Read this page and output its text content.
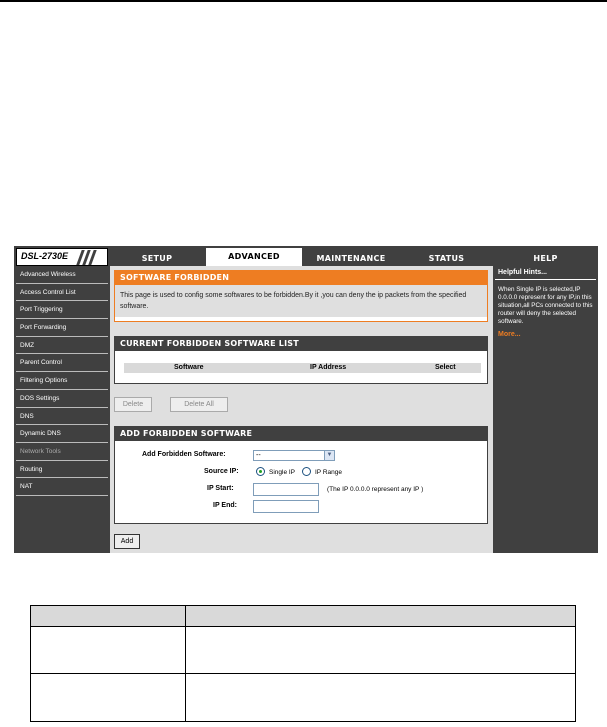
DSL-2730E	SETUP	ADVANCED	MAINTENANCE	STATUS	HELP
Advanced Wireless
Access Control List
Port Triggering
Port Forwarding
DMZ
Parent Control
Filtering Options
DOS Settings
DNS
Dynamic DNS
Network Tools
Routing
NAT
SOFTWARE FORBIDDEN
This page is used to config some softwares to be forbidden.By it ,you can deny the ip packets from the specified software.
CURRENT FORBIDDEN SOFTWARE LIST
Software	IP Address	Select
Delete	Delete All
ADD FORBIDDEN SOFTWARE
Add Forbidden Software:	--	▼
Source IP:	Single IP	IP Range
IP Start:	(The IP 0.0.0.0 represent any IP )
IP End:
Add
Helpful Hints...
When Single IP is selected,IP 0.0.0.0 represent for any IP,in this situation,all PCs connected to this router will deny the selected software.
More...
